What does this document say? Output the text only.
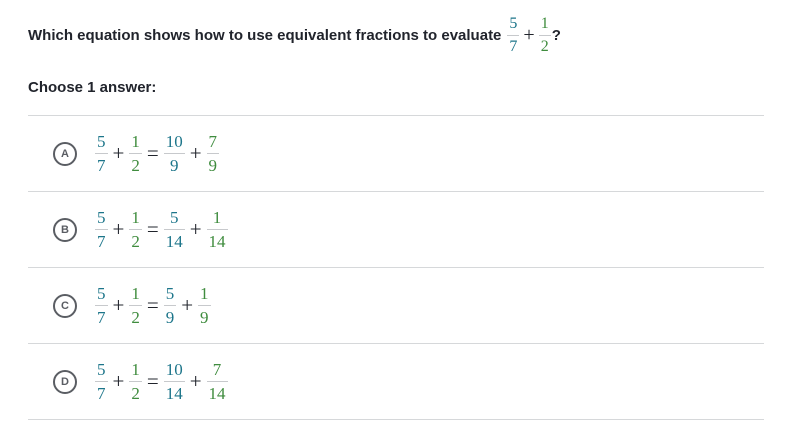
Which equation shows how to use equivalent fractions to evaluate $\frac{5}{7} + \frac{1}{2}$ ?
Choose 1 answer:
A	$\frac{5}{7} + \frac{1}{2} = \frac{10}{9} + \frac{7}{9}$
B	$\frac{5}{7} + \frac{1}{2} = \frac{5}{14} + \frac{1}{14}$
C	$\frac{5}{7} + \frac{1}{2} = \frac{5}{9} + \frac{1}{9}$
D	$\frac{5}{7} + \frac{1}{2} = \frac{10}{14} + \frac{7}{14}$
